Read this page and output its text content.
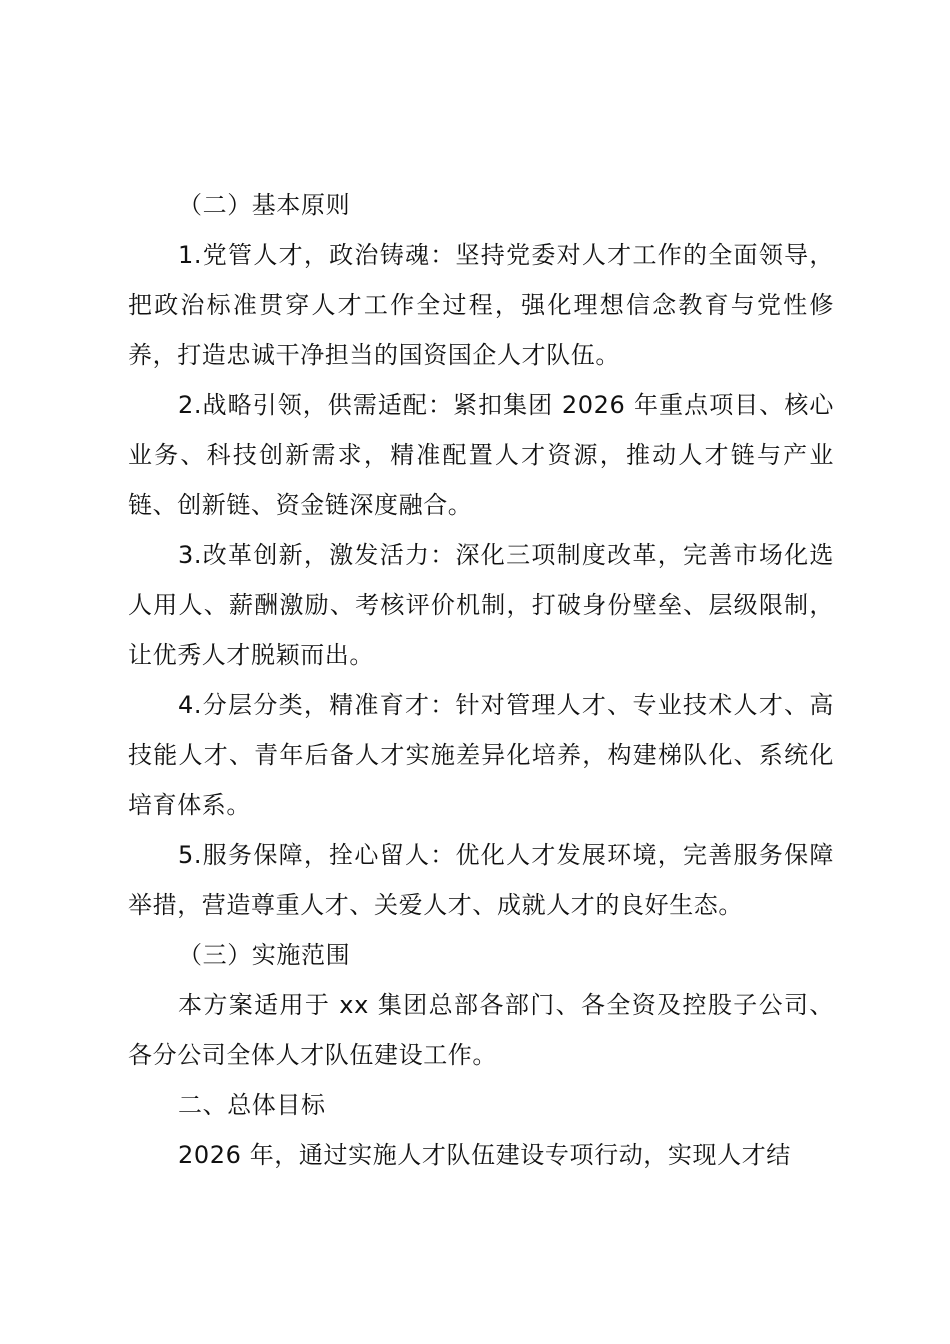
（二）基本原则

1.党管人才，政治铸魂：坚持党委对人才工作的全面领导，把政治标准贯穿人才工作全过程，强化理想信念教育与党性修养，打造忠诚干净担当的国资国企人才队伍。

2.战略引领，供需适配：紧扣集团 2026 年重点项目、核心业务、科技创新需求，精准配置人才资源，推动人才链与产业链、创新链、资金链深度融合。

3.改革创新，激发活力：深化三项制度改革，完善市场化选人用人、薪酬激励、考核评价机制，打破身份壁垒、层级限制，让优秀人才脱颖而出。

4.分层分类，精准育才：针对管理人才、专业技术人才、高技能人才、青年后备人才实施差异化培养，构建梯队化、系统化培育体系。

5.服务保障，拴心留人：优化人才发展环境，完善服务保障举措，营造尊重人才、关爱人才、成就人才的良好生态。

（三）实施范围

本方案适用于 xx 集团总部各部门、各全资及控股子公司、各分公司全体人才队伍建设工作。

二、总体目标

2026 年，通过实施人才队伍建设专项行动，实现人才结
